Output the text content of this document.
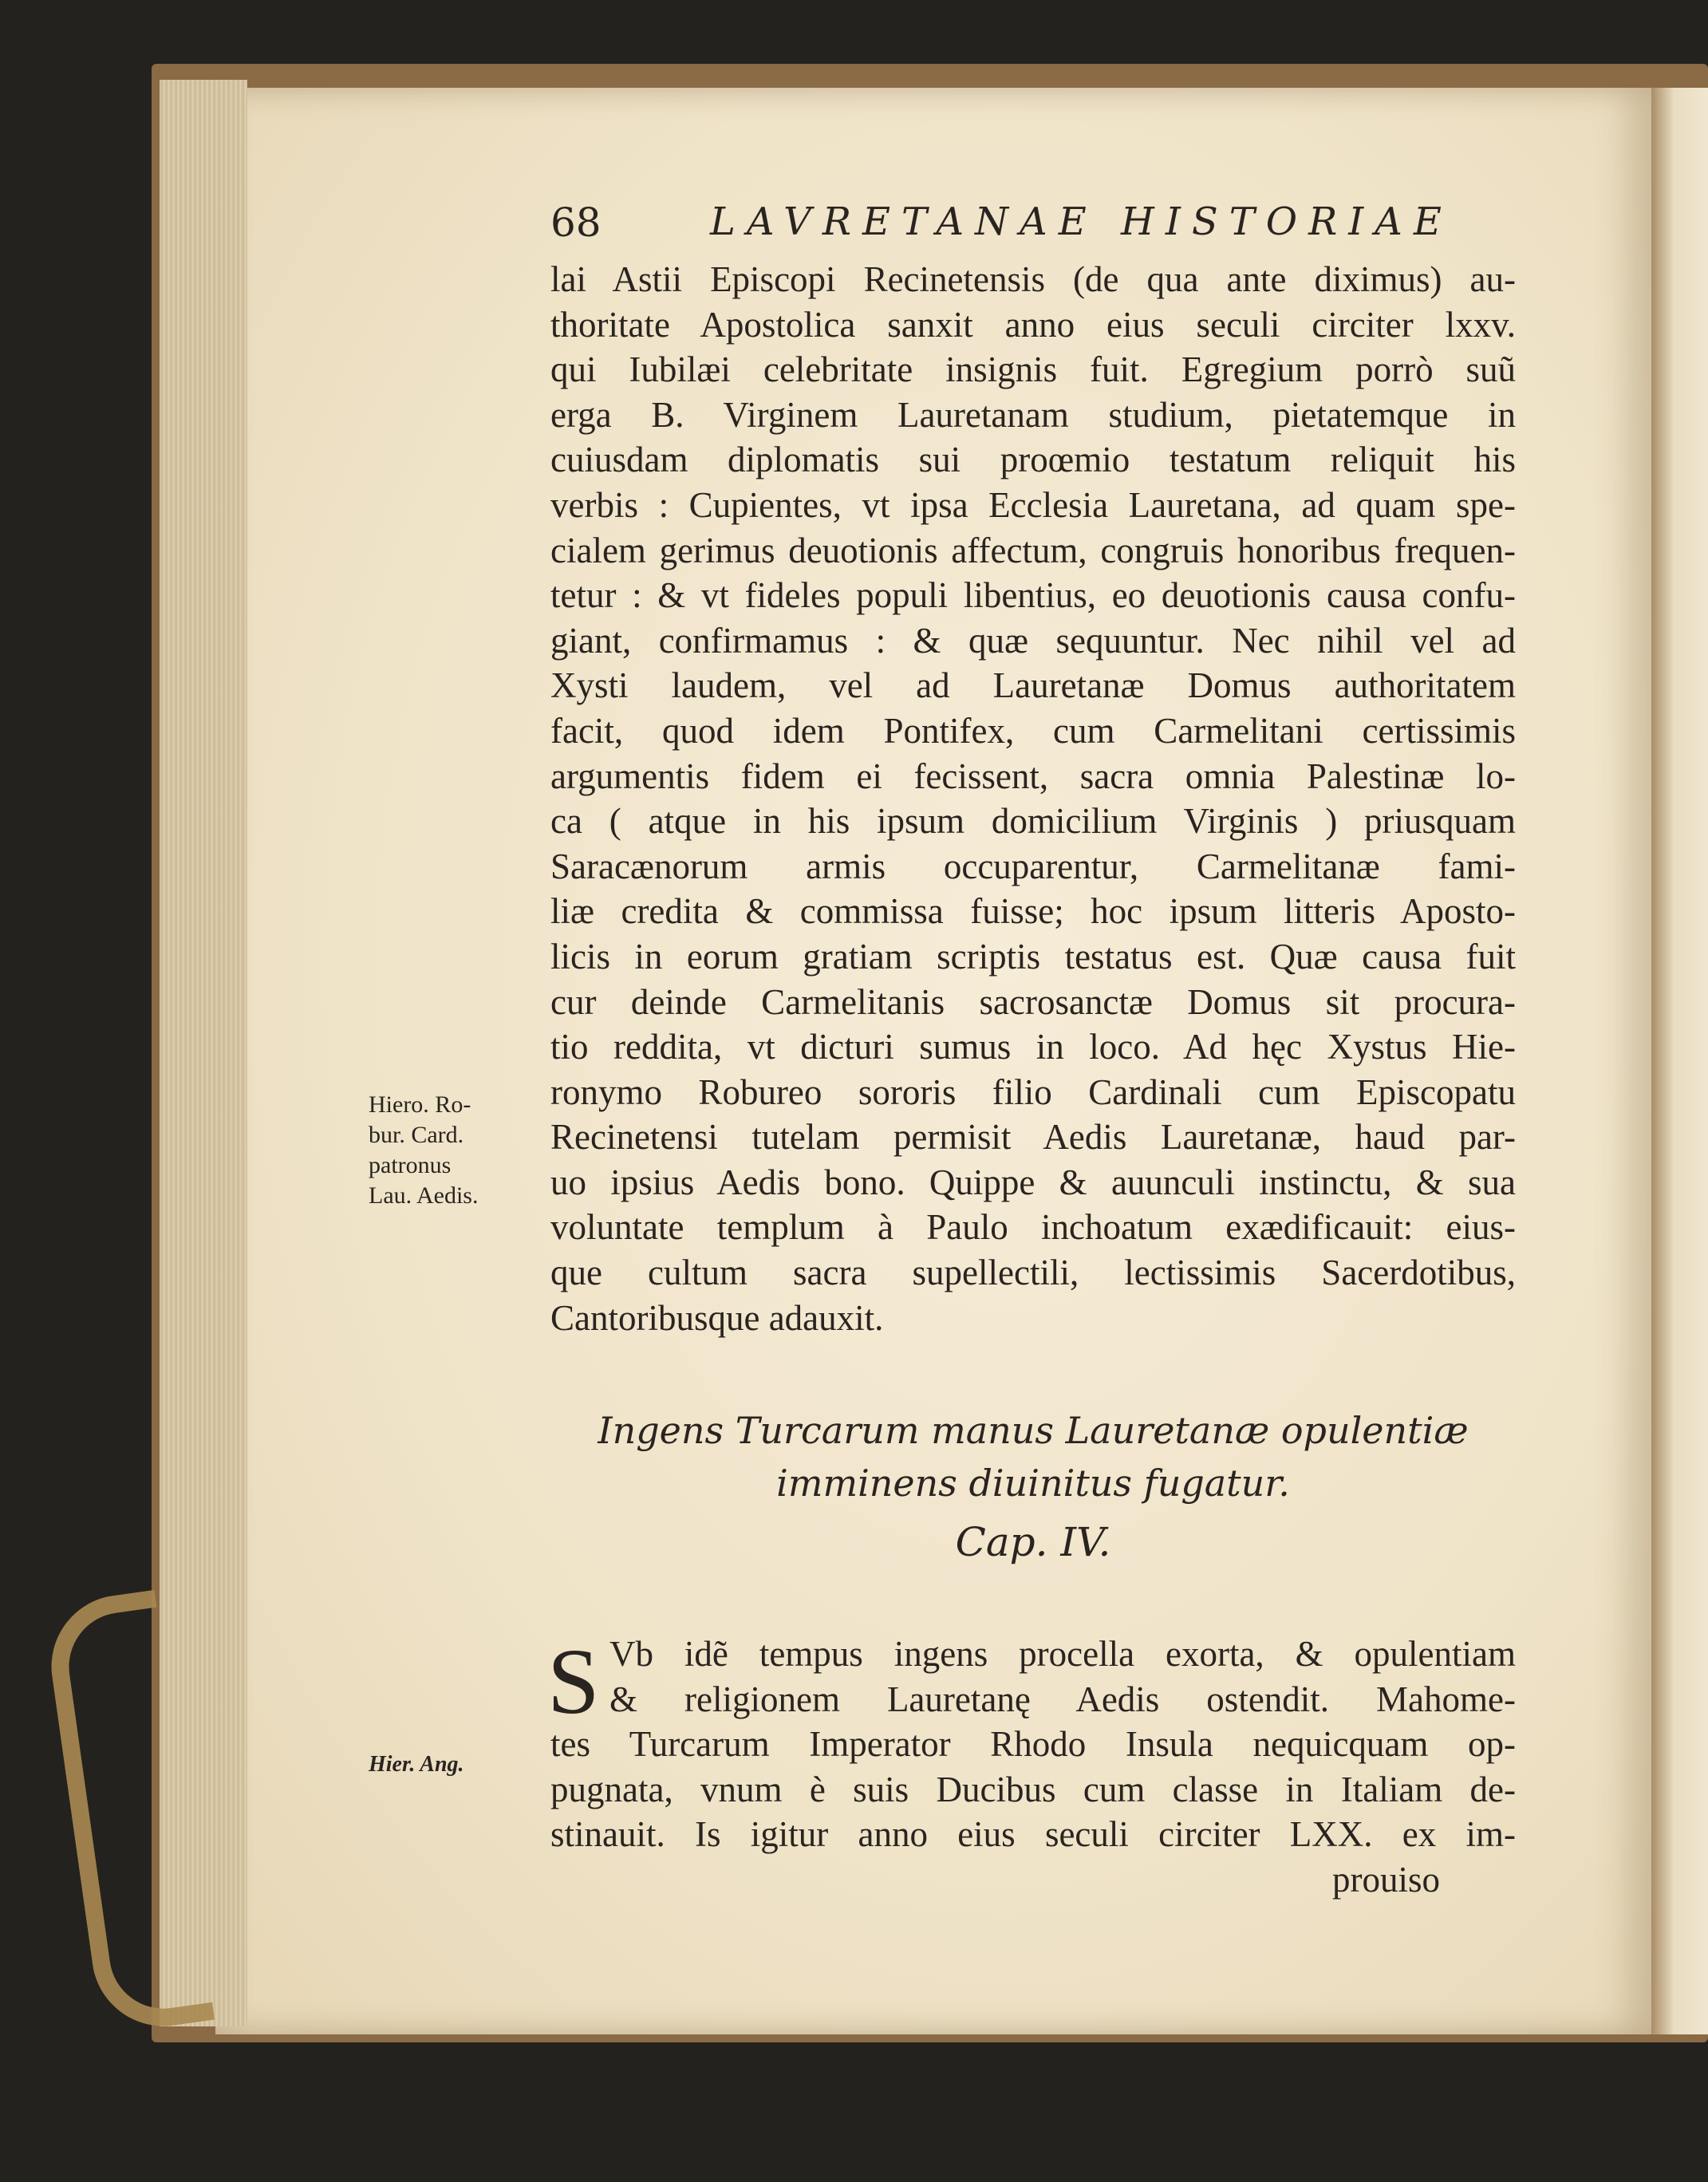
68	LAVRETANAE HISTORIAE
lai Astii Episcopi Recinetensis (de qua ante diximus) au-
thoritate Apostolica sanxit anno eius seculi circiter lxxv.
qui Iubilæi celebritate insignis fuit. Egregium porrò suũ
erga B. Virginem Lauretanam studium, pietatemque in
cuiusdam diplomatis sui proœmio testatum reliquit his
verbis : Cupientes, vt ipsa Ecclesia Lauretana, ad quam spe-
cialem gerimus deuotionis affectum, congruis honoribus frequen-
tetur : & vt fideles populi libentius, eo deuotionis causa confu-
giant, confirmamus : & quæ sequuntur. Nec nihil vel ad
Xysti laudem, vel ad Lauretanæ Domus authoritatem
facit, quod idem Pontifex, cum Carmelitani certissimis
argumentis fidem ei fecissent, sacra omnia Palestinæ lo-
ca ( atque in his ipsum domicilium Virginis ) priusquam
Saracænorum armis occuparentur, Carmelitanæ fami-
liæ credita & commissa fuisse; hoc ipsum litteris Aposto-
licis in eorum gratiam scriptis testatus est. Quæ causa fuit
cur deinde Carmelitanis sacrosanctæ Domus sit procura-
tio reddita, vt dicturi sumus in loco. Ad hęc Xystus Hie-
ronymo Robureo sororis filio Cardinali cum Episcopatu
Recinetensi tutelam permisit Aedis Lauretanæ, haud par-
uo ipsius Aedis bono. Quippe & auunculi instinctu, & sua
voluntate templum à Paulo inchoatum exædificauit: eius-
que cultum sacra supellectili, lectissimis Sacerdotibus,
Cantoribusque adauxit.
Hiero. Ro-
bur. Card.
patronus
Lau. Aedis.
Ingens Turcarum manus Lauretanæ opulentiæ
imminens diuinitus fugatur.
Cap. IV.
Hier. Ang.
S Vb idẽ tempus ingens procella exorta, & opulentiam
& religionem Lauretanę Aedis ostendit. Mahome-
tes Turcarum Imperator Rhodo Insula nequicquam op-
pugnata, vnum è suis Ducibus cum classe in Italiam de-
stinauit. Is igitur anno eius seculi circiter LXX. ex im-
prouiso
